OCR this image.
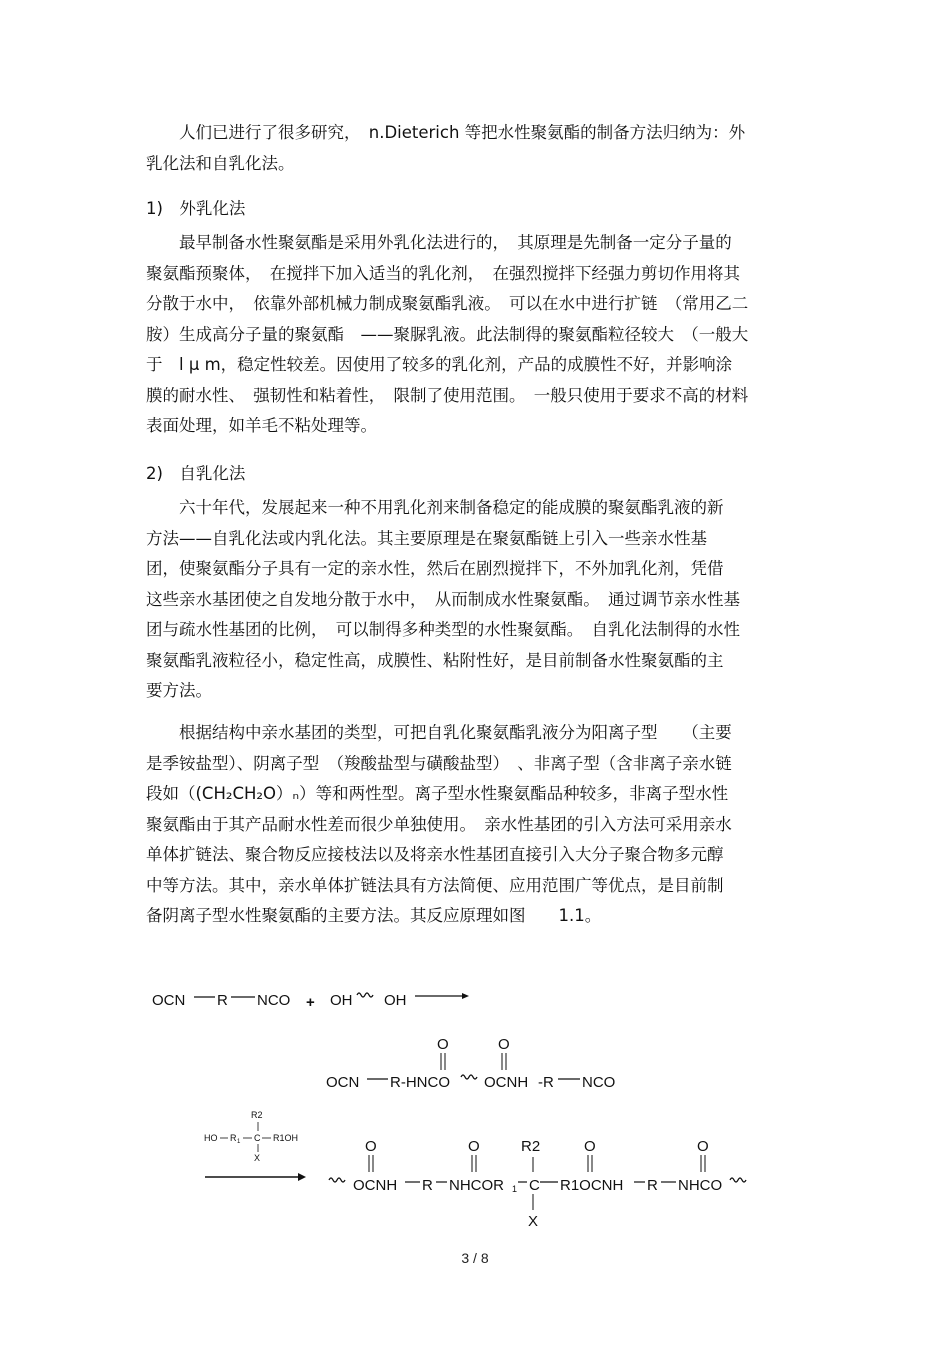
　　人们已进行了很多研究，　n.Dieterich 等把水性聚氨酯的制备方法归纳为：外
乳化法和自乳化法。
1)　外乳化法
　　最早制备水性聚氨酯是采用外乳化法进行的，　其原理是先制备一定分子量的
聚氨酯预聚体，　在搅拌下加入适当的乳化剂，　在强烈搅拌下经强力剪切作用将其
分散于水中，　依靠外部机械力制成聚氨酯乳液。　可以在水中进行扩链　（常用乙二
胺）生成高分子量的聚氨酯　——聚脲乳液。此法制得的聚氨酯粒径较大　（一般大
于　l μ m，稳定性较差。因使用了较多的乳化剂，产品的成膜性不好，并影响涂
膜的耐水性、　强韧性和粘着性，　限制了使用范围。　一般只使用于要求不高的材料
表面处理，如羊毛不粘处理等。
2)　自乳化法
　　六十年代，发展起来一种不用乳化剂来制备稳定的能成膜的聚氨酯乳液的新
方法——自乳化法或内乳化法。其主要原理是在聚氨酯链上引入一些亲水性基
团，使聚氨酯分子具有一定的亲水性，然后在剧烈搅拌下，不外加乳化剂，凭借
这些亲水基团使之自发地分散于水中，　从而制成水性聚氨酯。　通过调节亲水性基
团与疏水性基团的比例，　可以制得多种类型的水性聚氨酯。　自乳化法制得的水性
聚氨酯乳液粒径小，稳定性高，成膜性、粘附性好，是目前制备水性聚氨酯的主
要方法。
　　根据结构中亲水基团的类型，可把自乳化聚氨酯乳液分为阳离子型　　（主要
是季铵盐型）、阴离子型　（羧酸盐型与磺酸盐型）　、非离子型（含非离子亲水链
段如（(CH₂CH₂O）ₙ）等和两性型。离子型水性聚氨酯品种较多，非离子型水性
聚氨酯由于其产品耐水性差而很少单独使用。　亲水性基团的引入方法可采用亲水
单体扩链法、聚合物反应接枝法以及将亲水性基团直接引入大分子聚合物多元醇
中等方法。其中，亲水单体扩链法具有方法简便、应用范围广等优点，是目前制
备阴离子型水性聚氨酯的主要方法。其反应原理如图　　1.1。
OCN R NCO + OH OH
O	O
OCN R-HNCO OCNH -R NCO
R2
HO R 1 C R1OH
X
O	O	R2	O	O
OCNH R NHCOR 1 C R1OCNH R NHCO
X
3 / 8
